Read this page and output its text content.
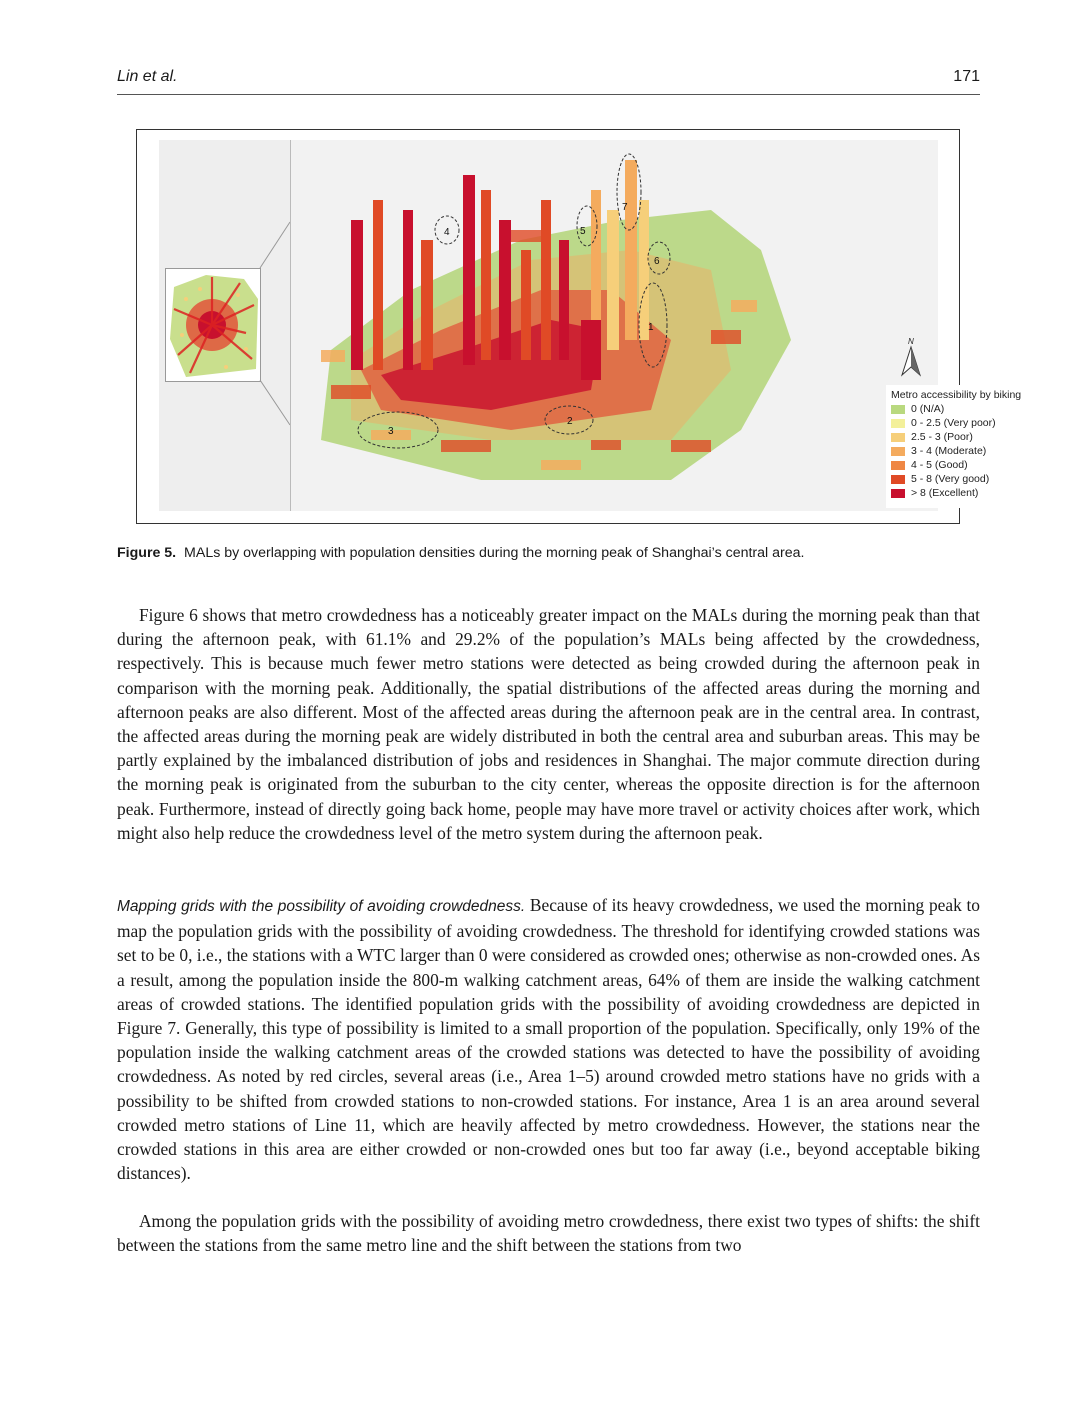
Lin et al.	171
1
2
3
4	5
6
7
N
Metro accessibility by biking
0 (N/A)
0 - 2.5 (Very poor)
2.5 - 3 (Poor)
3 - 4 (Moderate)
4 - 5 (Good)
5 - 8 (Very good)
> 8 (Excellent)
Figure 5. MALs by overlapping with population densities during the morning peak of Shanghai’s central area.

Figure 6 shows that metro crowdedness has a noticeably greater impact on the MALs during the morning peak than that during the afternoon peak, with 61.1% and 29.2% of the population’s MALs being affected by the crowdedness, respectively. This is because much fewer metro stations were detected as being crowded during the afternoon peak in comparison with the morning peak. Additionally, the spatial distributions of the affected areas during the morning and afternoon peaks are also different. Most of the affected areas during the afternoon peak are in the central area. In contrast, the affected areas during the morning peak are widely distributed in both the central area and suburban areas. This may be partly explained by the imbalanced distribution of jobs and residences in Shanghai. The major commute direction during the morning peak is originated from the suburban to the city center, whereas the opposite direction is for the afternoon peak. Furthermore, instead of directly going back home, people may have more travel or activity choices after work, which might also help reduce the crowdedness level of the metro system during the afternoon peak.

Mapping grids with the possibility of avoiding crowdedness. Because of its heavy crowdedness, we used the morning peak to map the population grids with the possibility of avoiding crowdedness. The threshold for identifying crowded stations was set to be 0, i.e., the stations with a WTC larger than 0 were considered as crowded ones; otherwise as non-crowded ones. As a result, among the population inside the 800-m walking catchment areas, 64% of them are inside the walking catchment areas of crowded stations. The identified population grids with the possibility of avoiding crowdedness are depicted in Figure 7. Generally, this type of possibility is limited to a small proportion of the population. Specifically, only 19% of the population inside the walking catchment areas of the crowded stations was detected to have the possibility of avoiding crowdedness. As noted by red circles, several areas (i.e., Area 1–5) around crowded metro stations have no grids with a possibility to be shifted from crowded stations to non-crowded stations. For instance, Area 1 is an area around several crowded metro stations of Line 11, which are heavily affected by metro crowdedness. However, the stations near the crowded stations in this area are either crowded or non-crowded ones but too far away (i.e., beyond acceptable biking distances).

Among the population grids with the possibility of avoiding metro crowdedness, there exist two types of shifts: the shift between the stations from the same metro line and the shift between the stations from two
